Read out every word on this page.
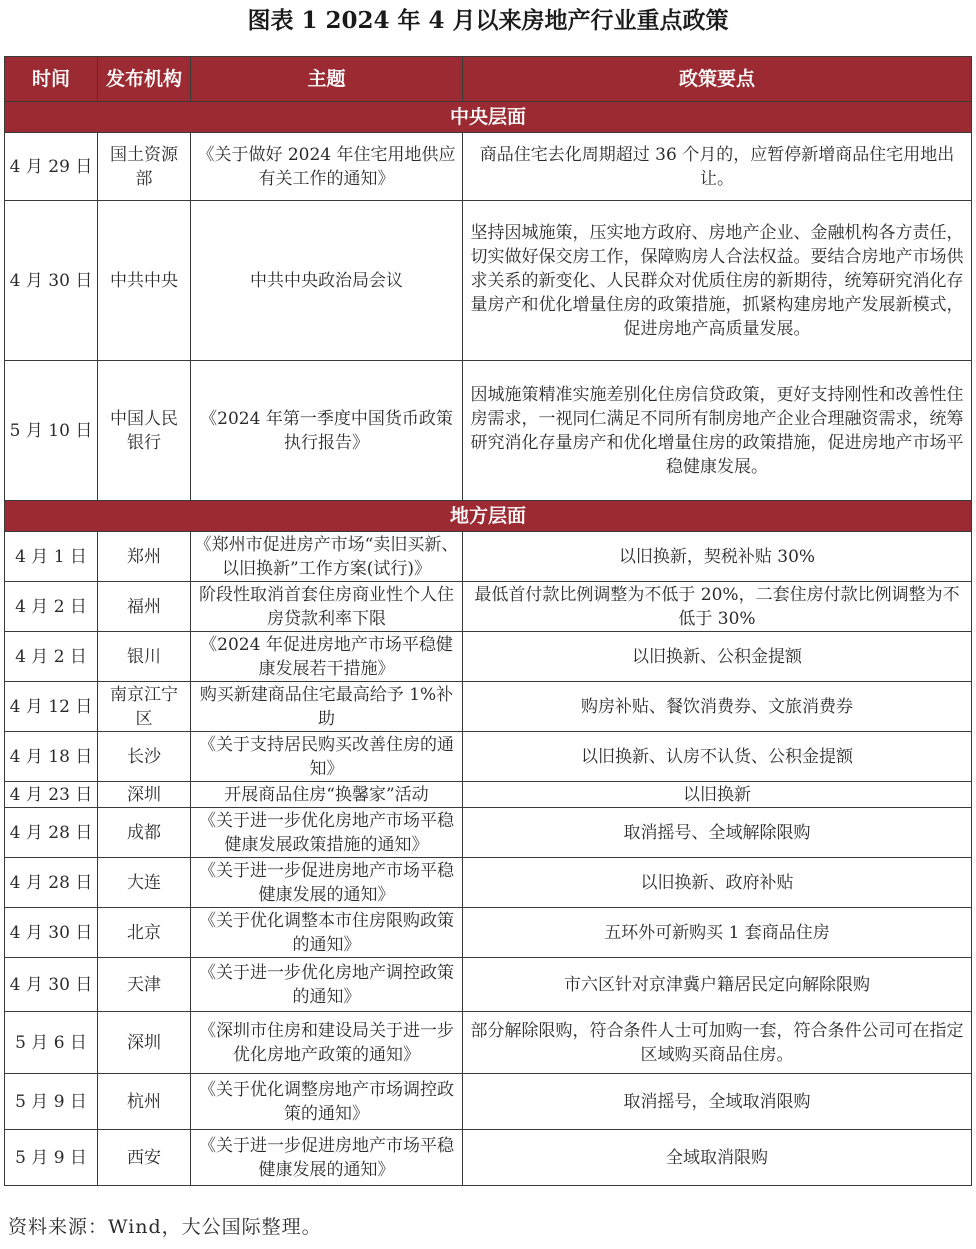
图表 1 2024 年 4 月以来房地产行业重点政策
时间	发布机构	主题	政策要点
中央层面			
4 月 29 日	国土资源部	《关于做好 2024 年住宅用地供应有关工作的通知》	商品住宅去化周期超过 36 个月的，应暂停新增商品住宅用地出让。
4 月 30 日	中共中央	中共中央政治局会议	坚持因城施策，压实地方政府、房地产企业、金融机构各方责任，切实做好保交房工作，保障购房人合法权益。要结合房地产市场供求关系的新变化、人民群众对优质住房的新期待，统筹研究消化存量房产和优化增量住房的政策措施，抓紧构建房地产发展新模式，促进房地产高质量发展。
5 月 10 日	中国人民银行	《2024 年第一季度中国货币政策执行报告》	因城施策精准实施差别化住房信贷政策，更好支持刚性和改善性住房需求，一视同仁满足不同所有制房地产企业合理融资需求，统筹研究消化存量房产和优化增量住房的政策措施，促进房地产市场平稳健康发展。
地方层面			
4 月 1 日	郑州	《郑州市促进房产市场“卖旧买新、以旧换新”工作方案(试行)》	以旧换新，契税补贴 30%
4 月 2 日	福州	阶段性取消首套住房商业性个人住房贷款利率下限	最低首付款比例调整为不低于 20%，二套住房付款比例调整为不低于 30%
4 月 2 日	银川	《2024 年促进房地产市场平稳健康发展若干措施》	以旧换新、公积金提额
4 月 12 日	南京江宁区	购买新建商品住宅最高给予 1%补助	购房补贴、餐饮消费券、文旅消费券
4 月 18 日	长沙	《关于支持居民购买改善住房的通知》	以旧换新、认房不认货、公积金提额
4 月 23 日	深圳	开展商品住房“换馨家”活动	以旧换新
4 月 28 日	成都	《关于进一步优化房地产市场平稳健康发展政策措施的通知》	取消摇号、全域解除限购
4 月 28 日	大连	《关于进一步促进房地产市场平稳健康发展的通知》	以旧换新、政府补贴
4 月 30 日	北京	《关于优化调整本市住房限购政策的通知》	五环外可新购买 1 套商品住房
4 月 30 日	天津	《关于进一步优化房地产调控政策的通知》	市六区针对京津冀户籍居民定向解除限购
5 月 6 日	深圳	《深圳市住房和建设局关于进一步优化房地产政策的通知》	部分解除限购，符合条件人士可加购一套，符合条件公司可在指定区域购买商品住房。
5 月 9 日	杭州	《关于优化调整房地产市场调控政策的通知》	取消摇号，全域取消限购
5 月 9 日	西安	《关于进一步促进房地产市场平稳健康发展的通知》	全域取消限购
资料来源：Wind，大公国际整理。
